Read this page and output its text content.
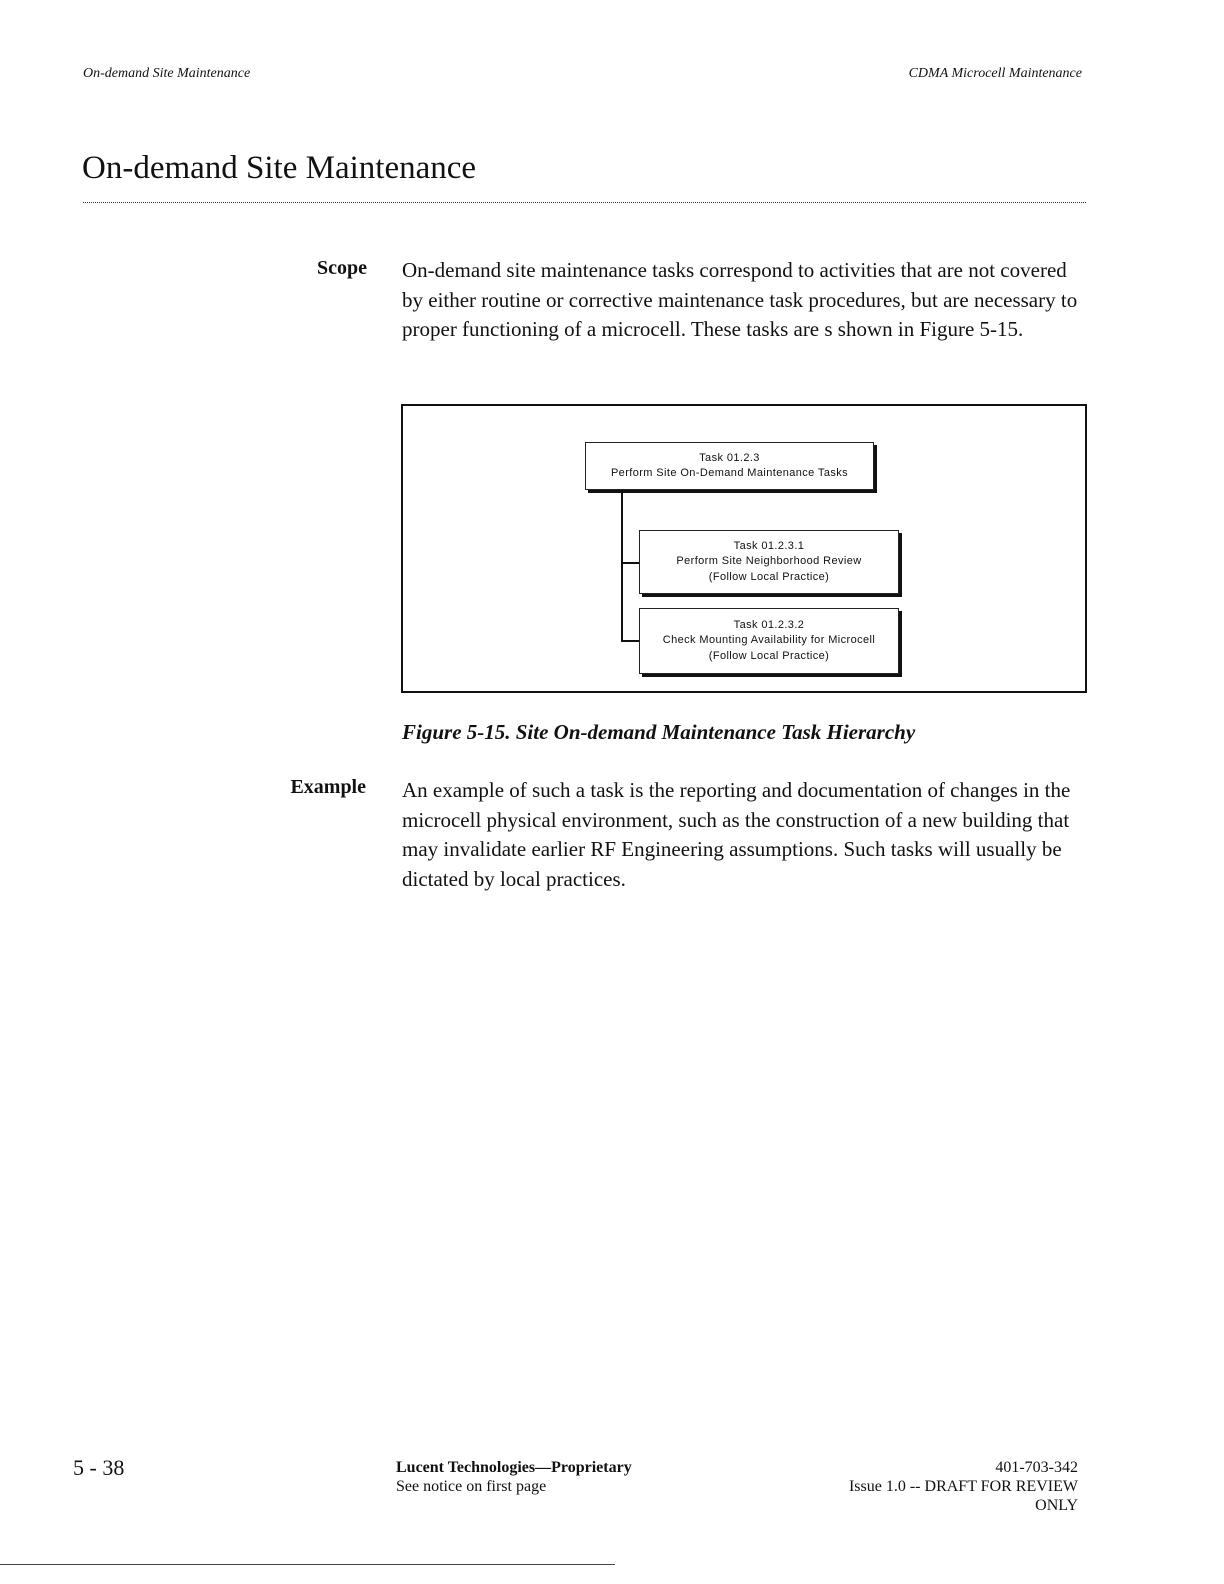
On-demand Site Maintenance	CDMA Microcell Maintenance
On-demand Site Maintenance
Scope On-demand site maintenance tasks correspond to activities that are not covered by either routine or corrective maintenance task procedures, but are necessary to proper functioning of a microcell. These tasks are s shown in Figure 5-15.
Task 01.2.3
Perform Site On-Demand Maintenance Tasks
Task 01.2.3.1
Perform Site Neighborhood Review
(Follow Local Practice)
Task 01.2.3.2
Check Mounting Availability for Microcell
(Follow Local Practice)
Figure 5-15. Site On-demand Maintenance Task Hierarchy
Example An example of such a task is the reporting and documentation of changes in the microcell physical environment, such as the construction of a new building that may invalidate earlier RF Engineering assumptions. Such tasks will usually be dictated by local practices.
5 - 38	Lucent Technologies—Proprietary
See notice on first page
401-703-342
Issue 1.0 -- DRAFT FOR REVIEW
ONLY
